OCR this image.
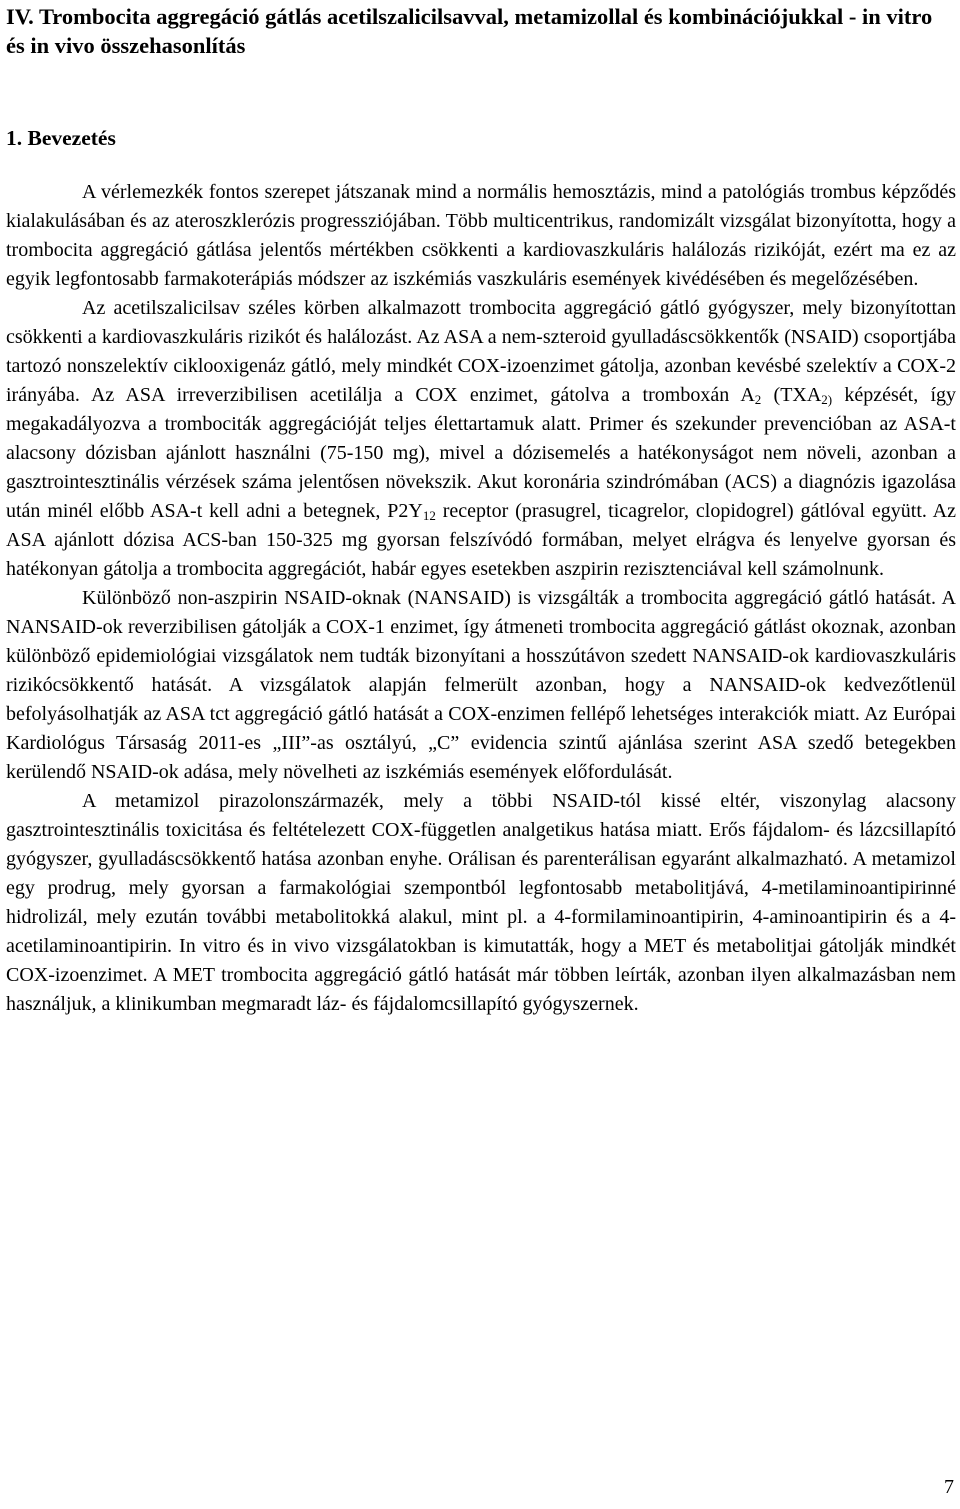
IV. Trombocita aggregáció gátlás acetilszalicilsavval, metamizollal és kombinációjukkal - in vitro és in vivo összehasonlítás
1. Bevezetés

A vérlemezkék fontos szerepet játszanak mind a normális hemosztázis, mind a patológiás trombus képződés kialakulásában és az ateroszklerózis progressziójában. Több multicentrikus, randomizált vizsgálat bizonyította, hogy a trombocita aggregáció gátlása jelentős mértékben csökkenti a kardiovaszkuláris halálozás rizikóját, ezért ma ez az egyik legfontosabb farmakoterápiás módszer az iszkémiás vaszkuláris események kivédésében és megelőzésében.

Az acetilszalicilsav széles körben alkalmazott trombocita aggregáció gátló gyógyszer, mely bizonyítottan csökkenti a kardiovaszkuláris rizikót és halálozást. Az ASA a nem-szteroid gyulladáscsökkentők (NSAID) csoportjába tartozó nonszelektív ciklooxigenáz gátló, mely mindkét COX-izoenzimet gátolja, azonban kevésbé szelektív a COX-2 irányába. Az ASA irreverzibilisen acetilálja a COX enzimet, gátolva a tromboxán $A_2$ ($TXA_{2)}$ képzését, így megakadályozva a trombociták aggregációját teljes élettartamuk alatt. Primer és szekunder prevencióban az ASA-t alacsony dózisban ajánlott használni (75-150 mg), mivel a dózisemelés a hatékonyságot nem növeli, azonban a gasztrointesztinális vérzések száma jelentősen növekszik. Akut koronária szindrómában (ACS) a diagnózis igazolása után minél előbb ASA-t kell adni a betegnek, $P2Y_{12}$ receptor (prasugrel, ticagrelor, clopidogrel) gátlóval együtt. Az ASA ajánlott dózisa ACS-ban 150-325 mg gyorsan felszívódó formában, melyet elrágva és lenyelve gyorsan és hatékonyan gátolja a trombocita aggregációt, habár egyes esetekben aszpirin rezisztenciával kell számolnunk.

Különböző non-aszpirin NSAID-oknak (NANSAID) is vizsgálták a trombocita aggregáció gátló hatását. A NANSAID-ok reverzibilisen gátolják a COX-1 enzimet, így átmeneti trombocita aggregáció gátlást okoznak, azonban különböző epidemiológiai vizsgálatok nem tudták bizonyítani a hosszútávon szedett NANSAID-ok kardiovaszkuláris rizikócsökkentő hatását. A vizsgálatok alapján felmerült azonban, hogy a NANSAID-ok kedvezőtlenül befolyásolhatják az ASA tct aggregáció gátló hatását a COX-enzimen fellépő lehetséges interakciók miatt. Az Európai Kardiológus Társaság 2011-es „III”-as osztályú, „C” evidencia szintű ajánlása szerint ASA szedő betegekben kerülendő NSAID-ok adása, mely növelheti az iszkémiás események előfordulását.

A metamizol pirazolonszármazék, mely a többi NSAID-tól kissé eltér, viszonylag alacsony gasztrointesztinális toxicitása és feltételezett COX-független analgetikus hatása miatt. Erős fájdalom- és lázcsillapító gyógyszer, gyulladáscsökkentő hatása azonban enyhe. Orálisan és parenterálisan egyaránt alkalmazható. A metamizol egy prodrug, mely gyorsan a farmakológiai szempontból legfontosabb metabolitjává, 4-metilaminoantipirinné hidrolizál, mely ezután további metabolitokká alakul, mint pl. a 4-formilaminoantipirin, 4-aminoantipirin és a 4-acetilaminoantipirin. In vitro és in vivo vizsgálatokban is kimutatták, hogy a MET és metabolitjai gátolják mindkét COX-izoenzimet. A MET trombocita aggregáció gátló hatását már többen leírták, azonban ilyen alkalmazásban nem használjuk, a klinikumban megmaradt láz- és fájdalomcsillapító gyógyszernek.

7
